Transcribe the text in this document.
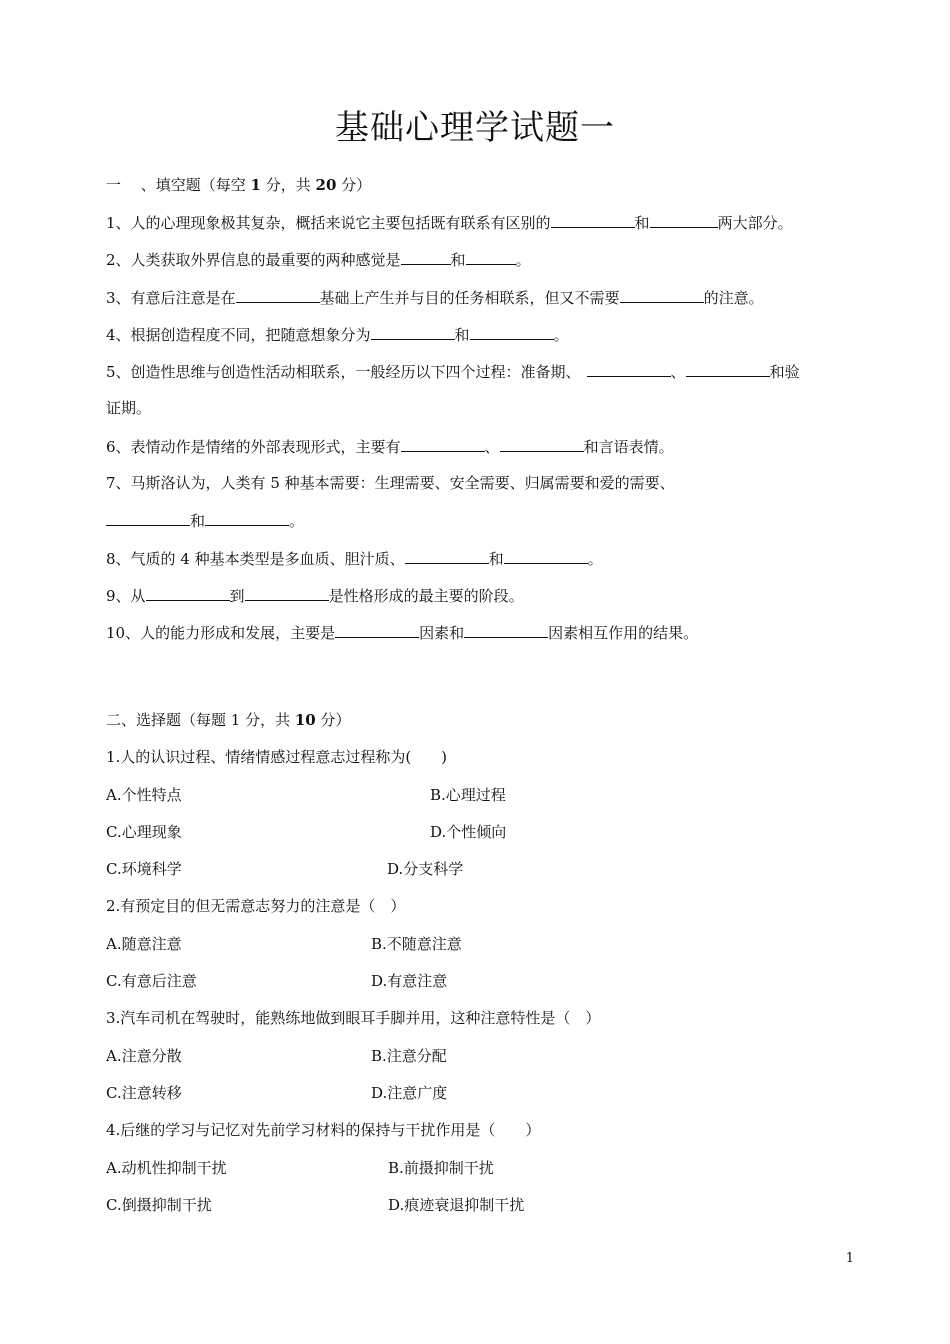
基础心理学试题一
一 　、填空题（每空 1 分，共 20 分）
1、人的心理现象极其复杂，概括来说它主要包括既有联系有区别的	和	两大部分。
2、人类获取外界信息的最重要的两种感觉是	和	。
3、有意后注意是在	基础上产生并与目的任务相联系，但又不需要	的注意。
4、根据创造程度不同，把随意想象分为	和	。
5、创造性思维与创造性活动相联系，一般经历以下四个过程：准备期、	、	和验
证期。
6、表情动作是情绪的外部表现形式，主要有	、	和言语表情。
7、马斯洛认为，人类有 5 种基本需要：生理需要、安全需要、归属需要和爱的需要、
和	。
8、气质的 4 种基本类型是多血质、胆汁质、	和	。
9、从	到	是性格形成的最主要的阶段。
10、人的能力形成和发展，主要是	因素和	因素相互作用的结果。
二、选择题（每题 1 分，共 10 分）
1.人的认识过程、情绪情感过程意志过程称为(　　)
A.个性特点	B.心理过程
C.心理现象	D.个性倾向
C.环境科学	D.分支科学
2.有预定目的但无需意志努力的注意是（　）
A.随意注意	B.不随意注意
C.有意后注意	D.有意注意
3.汽车司机在驾驶时，能熟练地做到眼耳手脚并用，这种注意特性是（　）
A.注意分散	B.注意分配
C.注意转移	D.注意广度
4.后继的学习与记忆对先前学习材料的保持与干扰作用是（　　）
A.动机性抑制干扰	B.前摄抑制干扰
C.倒摄抑制干扰	D.痕迹衰退抑制干扰
1
